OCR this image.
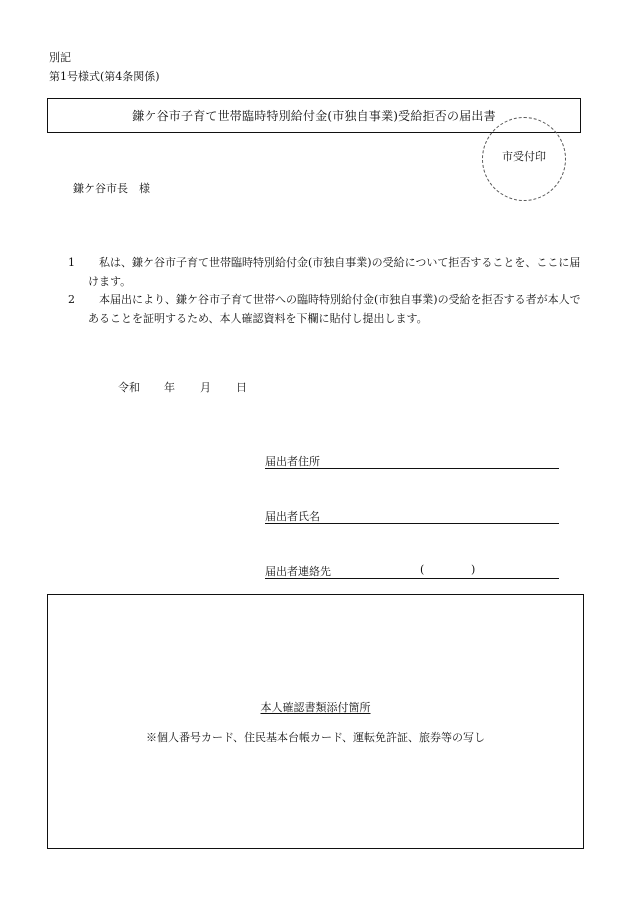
別記
第1号様式(第4条関係)
鎌ケ谷市子育て世帯臨時特別給付金(市独自事業)受給拒否の届出書
市受付印
鎌ケ谷市長　様
1	私は、鎌ケ谷市子育て世帯臨時特別給付金(市独自事業)の受給について拒否することを、ここに届けます。
2	本届出により、鎌ケ谷市子育て世帯への臨時特別給付金(市独自事業)の受給を拒否する者が本人であることを証明するため、本人確認資料を下欄に貼付し提出します。
令和 年 月 日
届出者住所
届出者氏名
届出者連絡先	(	)
本人確認書類添付箇所
※個人番号カード、住民基本台帳カード、運転免許証、旅券等の写し
